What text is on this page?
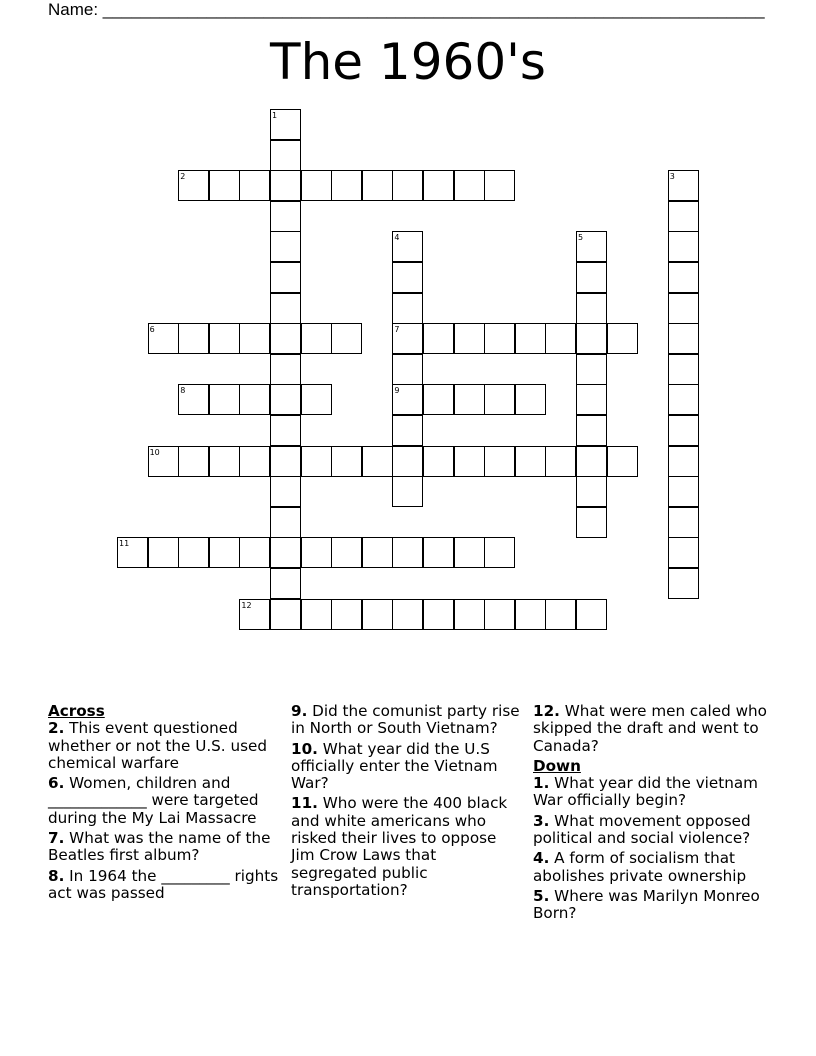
Name: ______________________________________________________________________
The 1960's
1
2	3
4	5
6	7
8	9
10
11
12

Across

2. This event questioned whether or not the U.S. used chemical warfare

6. Women, children and _____________ were targeted during the My Lai Massacre

7. What was the name of the Beatles first album?

8. In 1964 the _________ rights act was passed

9. Did the comunist party rise in North or South Vietnam?

10. What year did the U.S officially enter the Vietnam War?

11. Who were the 400 black and white americans who risked their lives to oppose Jim Crow Laws that segregated public transportation?

12. What were men caled who skipped the draft and went to Canada?

Down

1. What year did the vietnam War officially begin?

3. What movement opposed political and social violence?

4. A form of socialism that abolishes private ownership

5. Where was Marilyn Monreo Born?
